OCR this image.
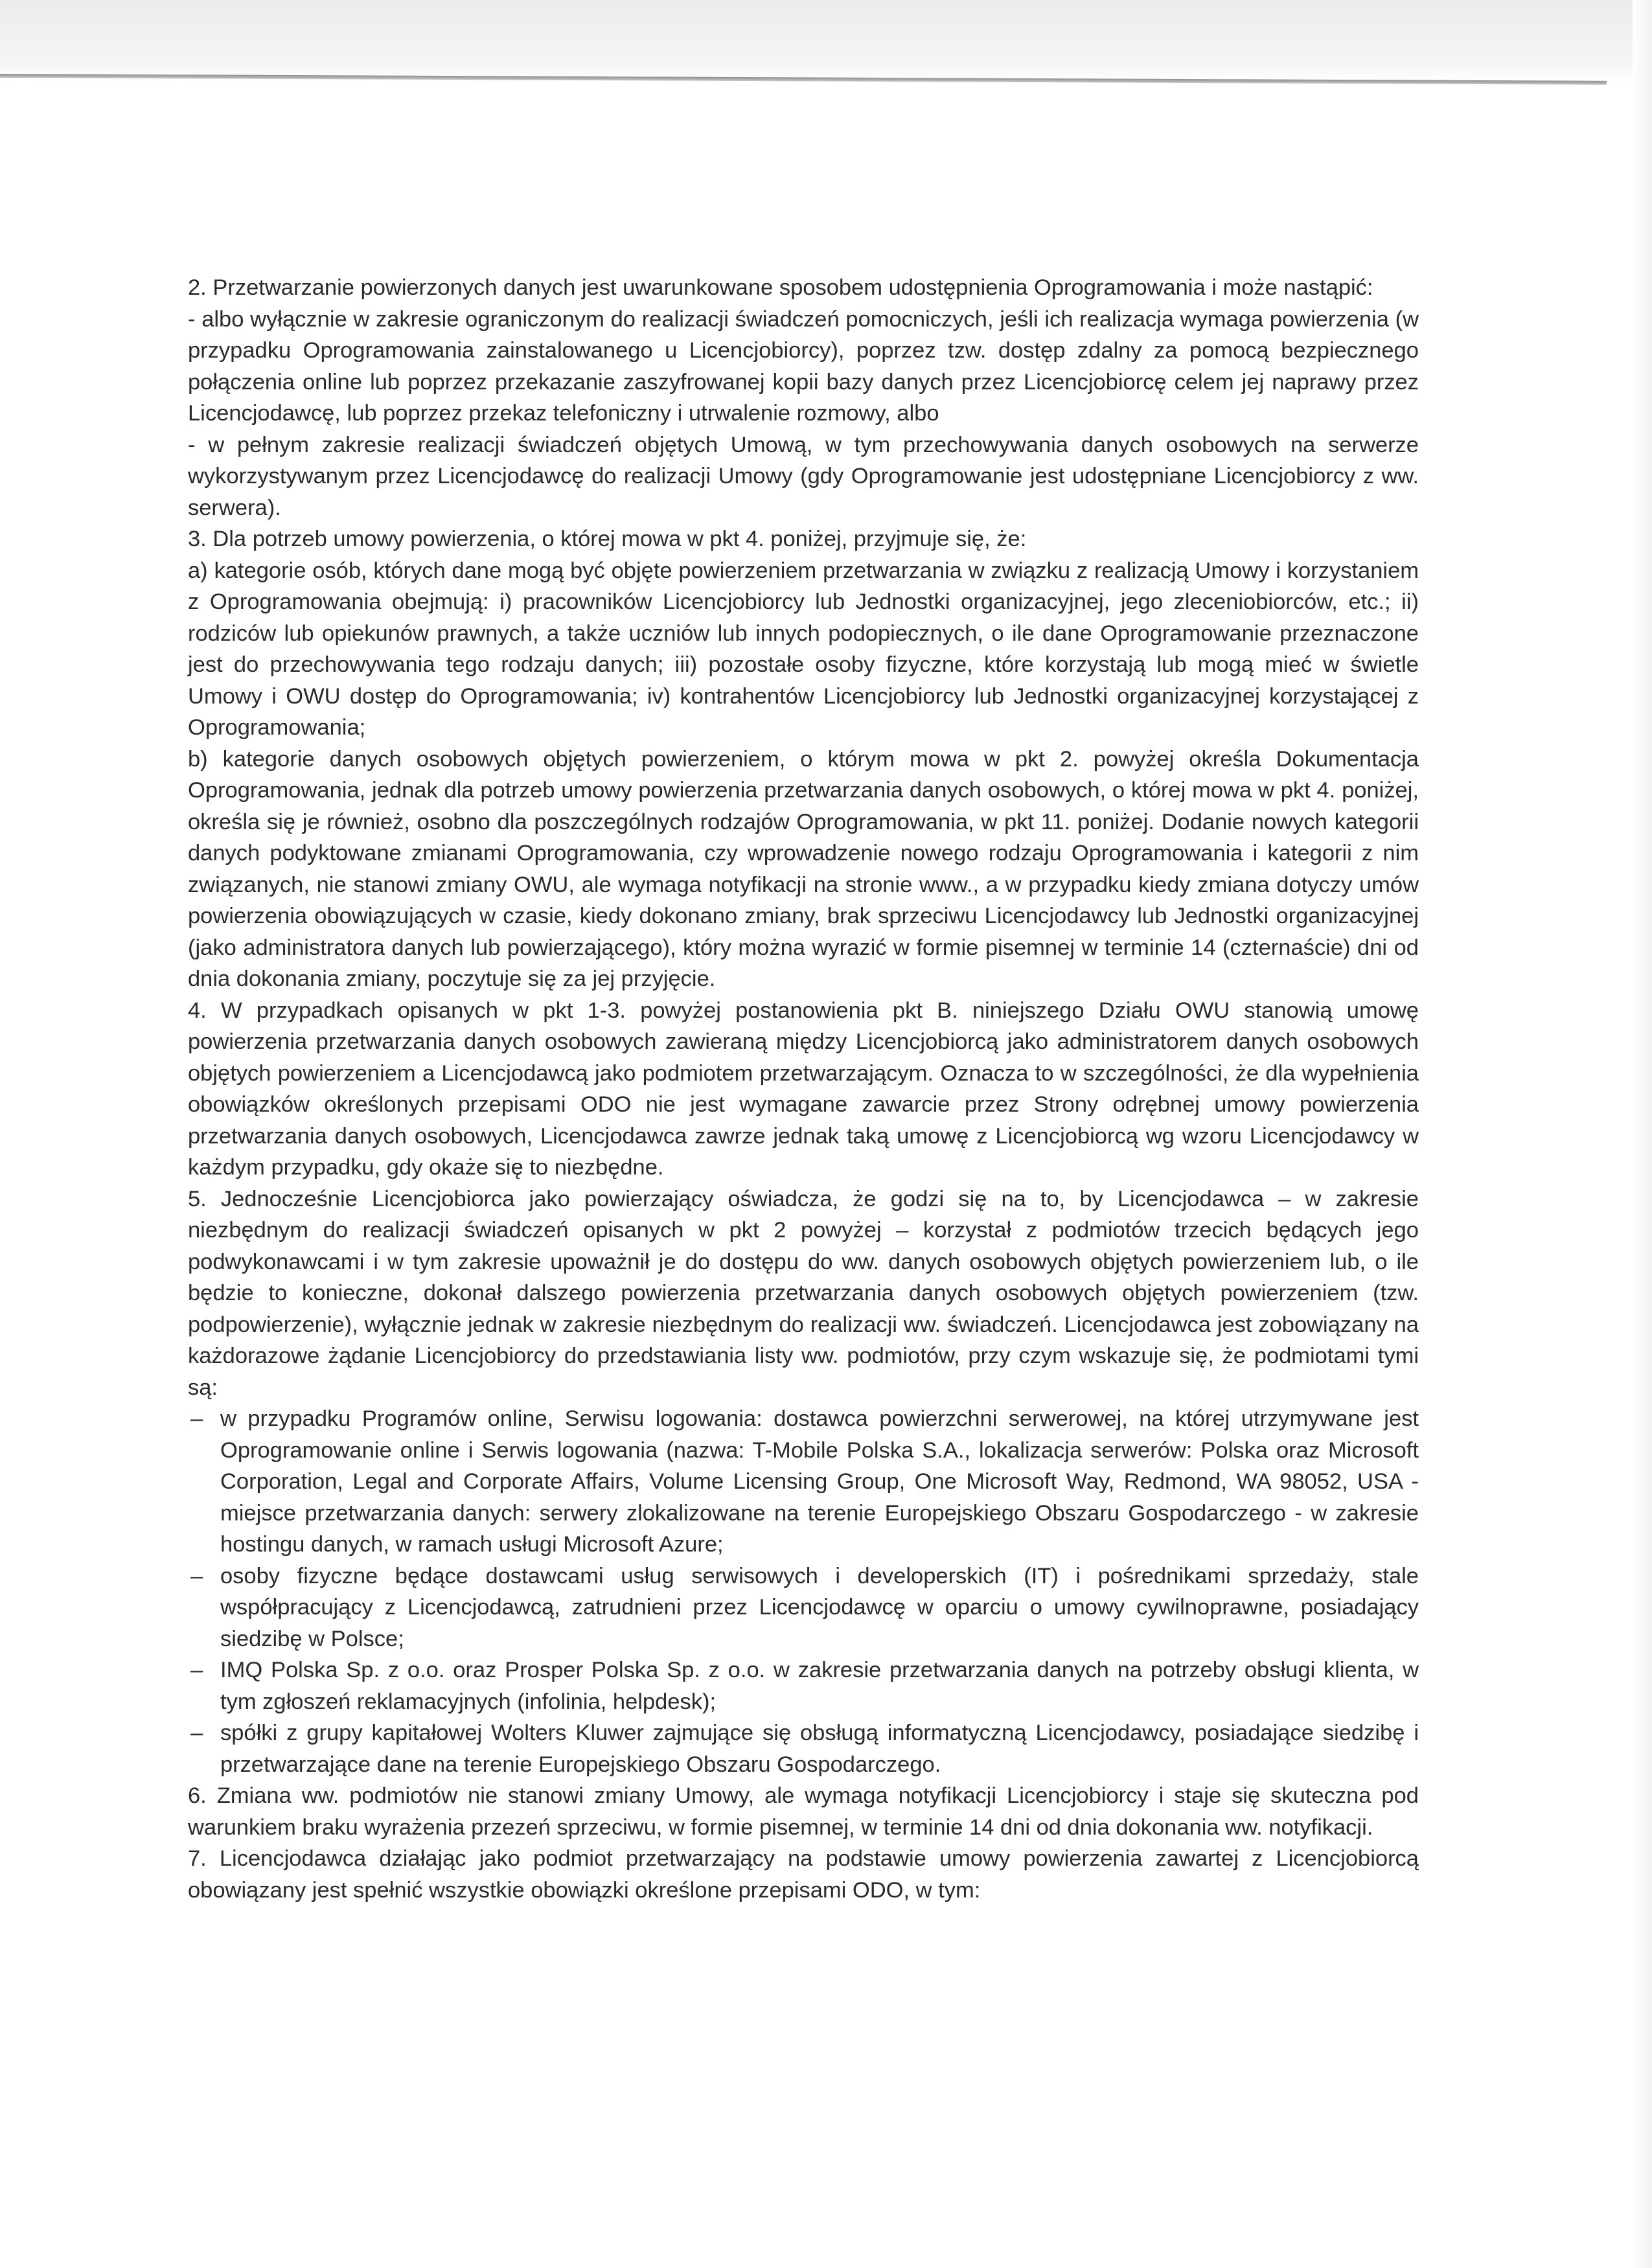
2. Przetwarzanie powierzonych danych jest uwarunkowane sposobem udostępnienia Oprogramowania i może nastąpić:

- albo wyłącznie w zakresie ograniczonym do realizacji świadczeń pomocniczych, jeśli ich realizacja wymaga powierzenia (w przypadku Oprogramowania zainstalowanego u Licencjobiorcy), poprzez tzw. dostęp zdalny za pomocą bezpiecznego połączenia online lub poprzez przekazanie zaszyfrowanej kopii bazy danych przez Licencjobiorcę celem jej naprawy przez Licencjodawcę, lub poprzez przekaz telefoniczny i utrwalenie rozmowy, albo

- w pełnym zakresie realizacji świadczeń objętych Umową, w tym przechowywania danych osobowych na serwerze wykorzystywanym przez Licencjodawcę do realizacji Umowy (gdy Oprogramowanie jest udostępniane Licencjobiorcy z ww. serwera).

3. Dla potrzeb umowy powierzenia, o której mowa w pkt 4. poniżej, przyjmuje się, że:

a) kategorie osób, których dane mogą być objęte powierzeniem przetwarzania w związku z realizacją Umowy i korzystaniem z Oprogramowania obejmują: i) pracowników Licencjobiorcy lub Jednostki organizacyjnej, jego zleceniobiorców, etc.; ii) rodziców lub opiekunów prawnych, a także uczniów lub innych podopiecznych, o ile dane Oprogramowanie przeznaczone jest do przechowywania tego rodzaju danych; iii) pozostałe osoby fizyczne, które korzystają lub mogą mieć w świetle Umowy i OWU dostęp do Oprogramowania; iv) kontrahentów Licencjobiorcy lub Jednostki organizacyjnej korzystającej z Oprogramowania;

b) kategorie danych osobowych objętych powierzeniem, o którym mowa w pkt 2. powyżej określa Dokumentacja Oprogramowania, jednak dla potrzeb umowy powierzenia przetwarzania danych osobowych, o której mowa w pkt 4. poniżej, określa się je również, osobno dla poszczególnych rodzajów Oprogramowania, w pkt 11. poniżej. Dodanie nowych kategorii danych podyktowane zmianami Oprogramowania, czy wprowadzenie nowego rodzaju Oprogramowania i kategorii z nim związanych, nie stanowi zmiany OWU, ale wymaga notyfikacji na stronie www., a w przypadku kiedy zmiana dotyczy umów powierzenia obowiązujących w czasie, kiedy dokonano zmiany, brak sprzeciwu Licencjodawcy lub Jednostki organizacyjnej (jako administratora danych lub powierzającego), który można wyrazić w formie pisemnej w terminie 14 (czternaście) dni od dnia dokonania zmiany, poczytuje się za jej przyjęcie.

4. W przypadkach opisanych w pkt 1-3. powyżej postanowienia pkt B. niniejszego Działu OWU stanowią umowę powierzenia przetwarzania danych osobowych zawieraną między Licencjobiorcą jako administratorem danych osobowych objętych powierzeniem a Licencjodawcą jako podmiotem przetwarzającym. Oznacza to w szczególności, że dla wypełnienia obowiązków określonych przepisami ODO nie jest wymagane zawarcie przez Strony odrębnej umowy powierzenia przetwarzania danych osobowych, Licencjodawca zawrze jednak taką umowę z Licencjobiorcą wg wzoru Licencjodawcy w każdym przypadku, gdy okaże się to niezbędne.

5. Jednocześnie Licencjobiorca jako powierzający oświadcza, że godzi się na to, by Licencjodawca – w zakresie niezbędnym do realizacji świadczeń opisanych w pkt 2 powyżej – korzystał z podmiotów trzecich będących jego podwykonawcami i w tym zakresie upoważnił je do dostępu do ww. danych osobowych objętych powierzeniem lub, o ile będzie to konieczne, dokonał dalszego powierzenia przetwarzania danych osobowych objętych powierzeniem (tzw. podpowierzenie), wyłącznie jednak w zakresie niezbędnym do realizacji ww. świadczeń. Licencjodawca jest zobowiązany na każdorazowe żądanie Licencjobiorcy do przedstawiania listy ww. podmiotów, przy czym wskazuje się, że podmiotami tymi są:

– w przypadku Programów online, Serwisu logowania: dostawca powierzchni serwerowej, na której utrzymywane jest Oprogramowanie online i Serwis logowania (nazwa: T-Mobile Polska S.A., lokalizacja serwerów: Polska oraz Microsoft Corporation, Legal and Corporate Affairs, Volume Licensing Group, One Microsoft Way, Redmond, WA 98052, USA - miejsce przetwarzania danych: serwery zlokalizowane na terenie Europejskiego Obszaru Gospodarczego - w zakresie hostingu danych, w ramach usługi Microsoft Azure;
– osoby fizyczne będące dostawcami usług serwisowych i developerskich (IT) i pośrednikami sprzedaży, stale współpracujący z Licencjodawcą, zatrudnieni przez Licencjodawcę w oparciu o umowy cywilnoprawne, posiadający siedzibę w Polsce;
– IMQ Polska Sp. z o.o. oraz Prosper Polska Sp. z o.o. w zakresie przetwarzania danych na potrzeby obsługi klienta, w tym zgłoszeń reklamacyjnych (infolinia, helpdesk);
– spółki z grupy kapitałowej Wolters Kluwer zajmujące się obsługą informatyczną Licencjodawcy, posiadające siedzibę i przetwarzające dane na terenie Europejskiego Obszaru Gospodarczego.

6. Zmiana ww. podmiotów nie stanowi zmiany Umowy, ale wymaga notyfikacji Licencjobiorcy i staje się skuteczna pod warunkiem braku wyrażenia przezeń sprzeciwu, w formie pisemnej, w terminie 14 dni od dnia dokonania ww. notyfikacji.

7. Licencjodawca działając jako podmiot przetwarzający na podstawie umowy powierzenia zawartej z Licencjobiorcą obowiązany jest spełnić wszystkie obowiązki określone przepisami ODO, w tym:
